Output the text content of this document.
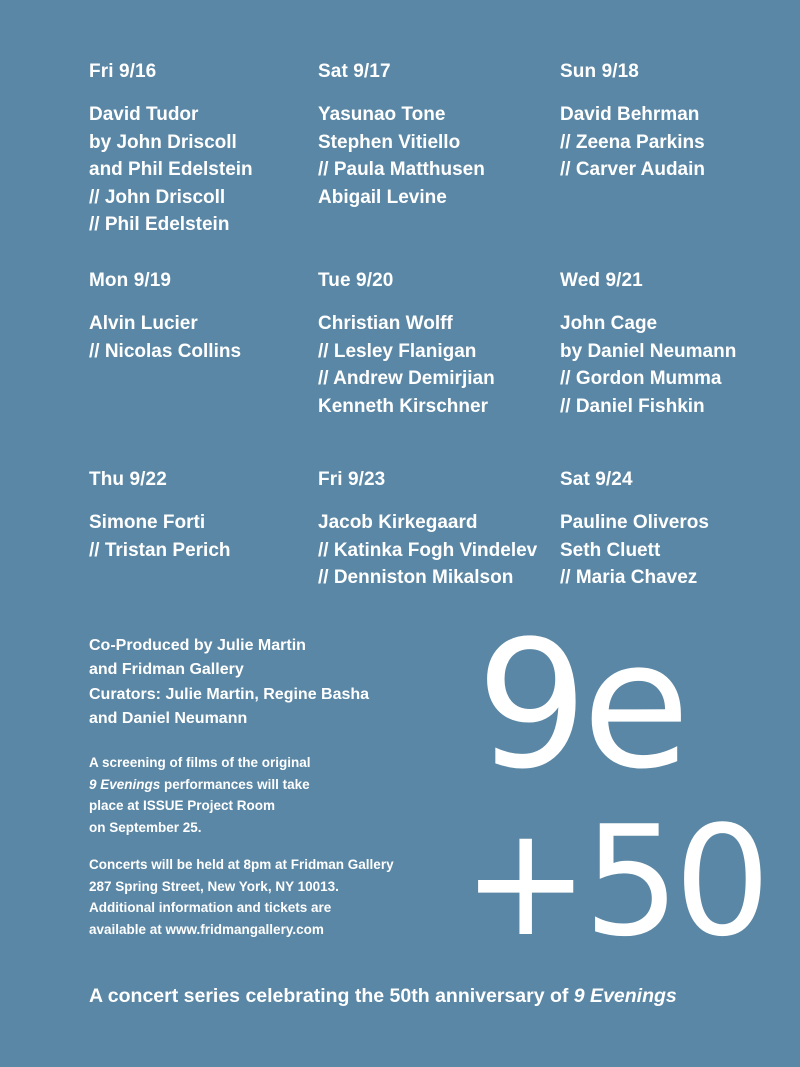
Fri 9/16
David Tudor
by John Driscoll
and Phil Edelstein
// John Driscoll
// Phil Edelstein
Sat 9/17
Yasunao Tone
Stephen Vitiello
// Paula Matthusen
Abigail Levine
Sun 9/18
David Behrman
// Zeena Parkins
// Carver Audain
Mon 9/19
Alvin Lucier
// Nicolas Collins
Tue 9/20
Christian Wolff
// Lesley Flanigan
// Andrew Demirjian
Kenneth Kirschner
Wed 9/21
John Cage
by Daniel Neumann
// Gordon Mumma
// Daniel Fishkin
Thu 9/22
Simone Forti
// Tristan Perich
Fri 9/23
Jacob Kirkegaard
// Katinka Fogh Vindelev
// Denniston Mikalson
Sat 9/24
Pauline Oliveros
Seth Cluett
// Maria Chavez
Co-Produced by Julie Martin
and Fridman Gallery
Curators: Julie Martin, Regine Basha
and Daniel Neumann
A screening of films of the original
9 Evenings performances will take
place at ISSUE Project Room
on September 25.
Concerts will be held at 8pm at Fridman Gallery
287 Spring Street, New York, NY 10013.
Additional information and tickets are
available at www.fridmangallery.com
9e
+50
A concert series celebrating the 50th anniversary of 9 Evenings
